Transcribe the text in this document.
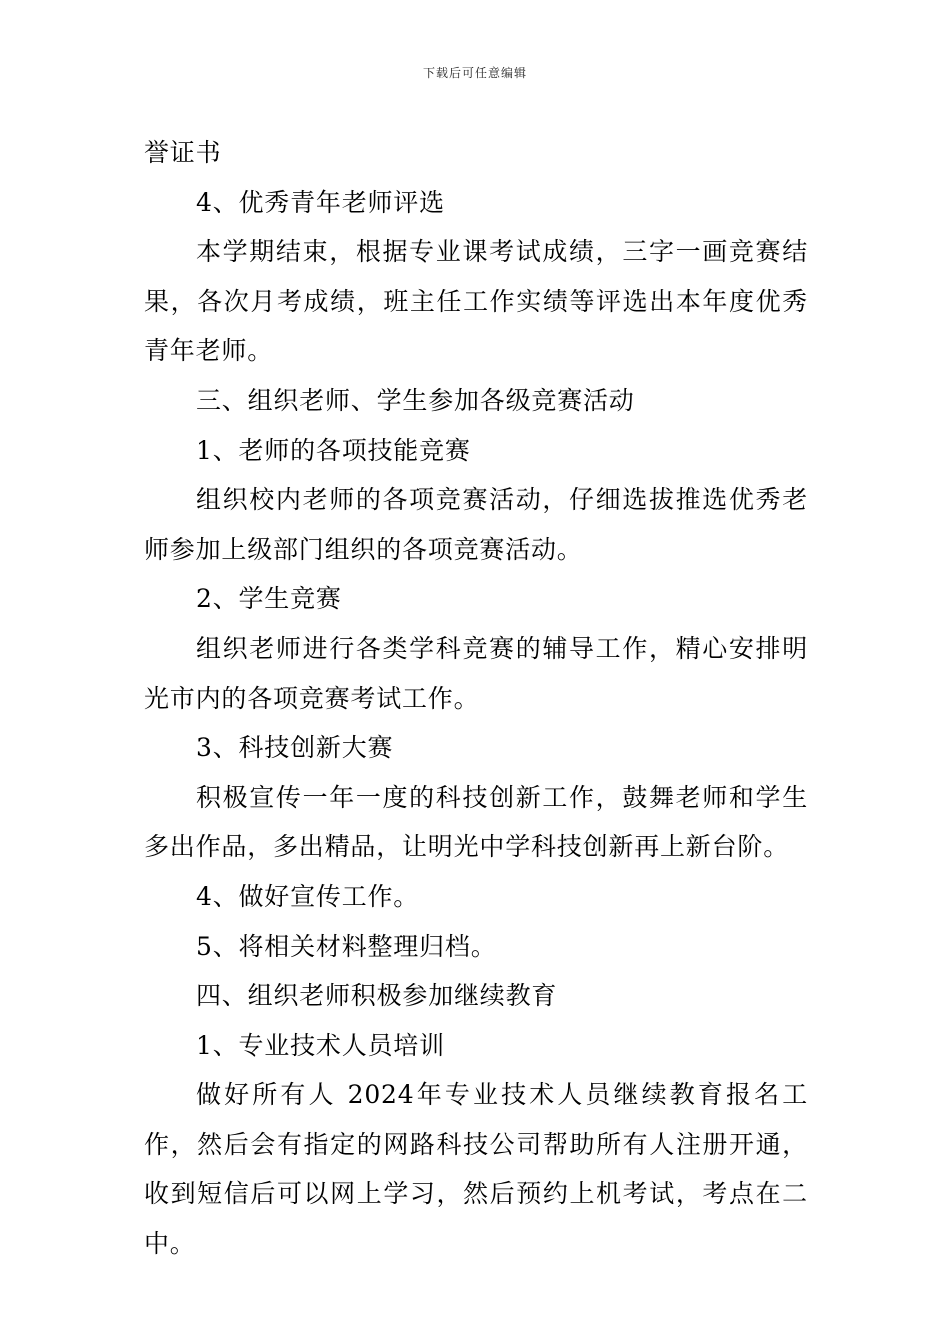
下载后可任意编辑

誉证书

4、优秀青年老师评选

本学期结束，根据专业课考试成绩，三字一画竞赛结果，各次月考成绩，班主任工作实绩等评选出本年度优秀青年老师。

三、组织老师、学生参加各级竞赛活动

1、老师的各项技能竞赛

组织校内老师的各项竞赛活动，仔细选拔推选优秀老师参加上级部门组织的各项竞赛活动。

2、学生竞赛

组织老师进行各类学科竞赛的辅导工作，精心安排明光市内的各项竞赛考试工作。

3、科技创新大赛

积极宣传一年一度的科技创新工作，鼓舞老师和学生多出作品，多出精品，让明光中学科技创新再上新台阶。

4、做好宣传工作。

5、将相关材料整理归档。

四、组织老师积极参加继续教育

1、专业技术人员培训

做好所有人 2024年专业技术人员继续教育报名工作，然后会有指定的网路科技公司帮助所有人注册开通，收到短信后可以网上学习，然后预约上机考试，考点在二中。
